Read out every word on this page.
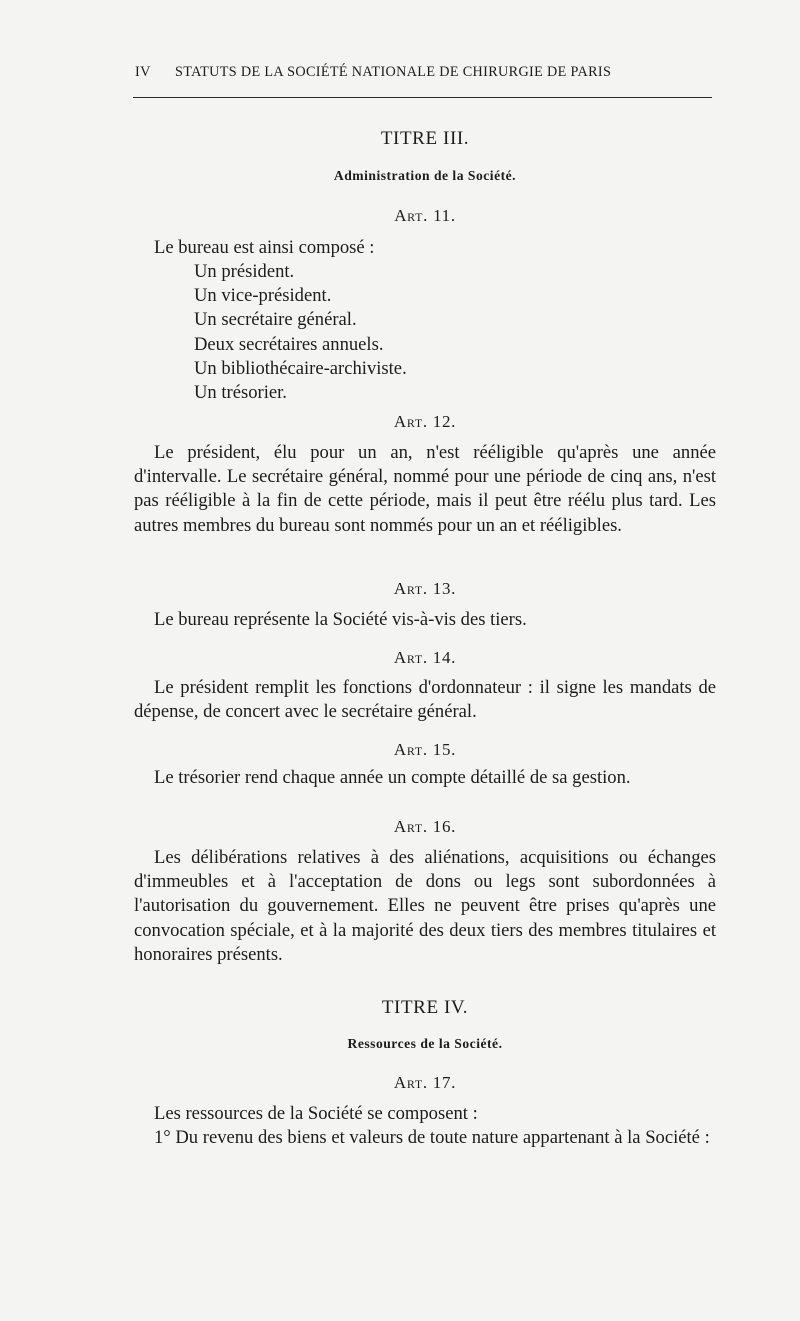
IV STATUTS DE LA SOCIÉTÉ NATIONALE DE CHIRURGIE DE PARIS
TITRE III.
Administration de la Société.
Art. 11.
Le bureau est ainsi composé :
Un président.
Un vice-président.
Un secrétaire général.
Deux secrétaires annuels.
Un bibliothécaire-archiviste.
Un trésorier.
Art. 12.
Le président, élu pour un an, n'est rééligible qu'après une année d'intervalle. Le secrétaire général, nommé pour une période de cinq ans, n'est pas rééligible à la fin de cette période, mais il peut être réélu plus tard. Les autres membres du bureau sont nommés pour un an et rééligibles.
Art. 13.
Le bureau représente la Société vis-à-vis des tiers.
Art. 14.
Le président remplit les fonctions d'ordonnateur : il signe les mandats de dépense, de concert avec le secrétaire général.
Art. 15.
Le trésorier rend chaque année un compte détaillé de sa gestion.
Art. 16.
Les délibérations relatives à des aliénations, acquisitions ou échanges d'immeubles et à l'acceptation de dons ou legs sont subordonnées à l'autorisation du gouvernement. Elles ne peuvent être prises qu'après une convocation spéciale, et à la majorité des deux tiers des membres titulaires et honoraires présents.
TITRE IV.
Ressources de la Société.
Art. 17.
Les ressources de la Société se composent :
1° Du revenu des biens et valeurs de toute nature appartenant à la Société :
